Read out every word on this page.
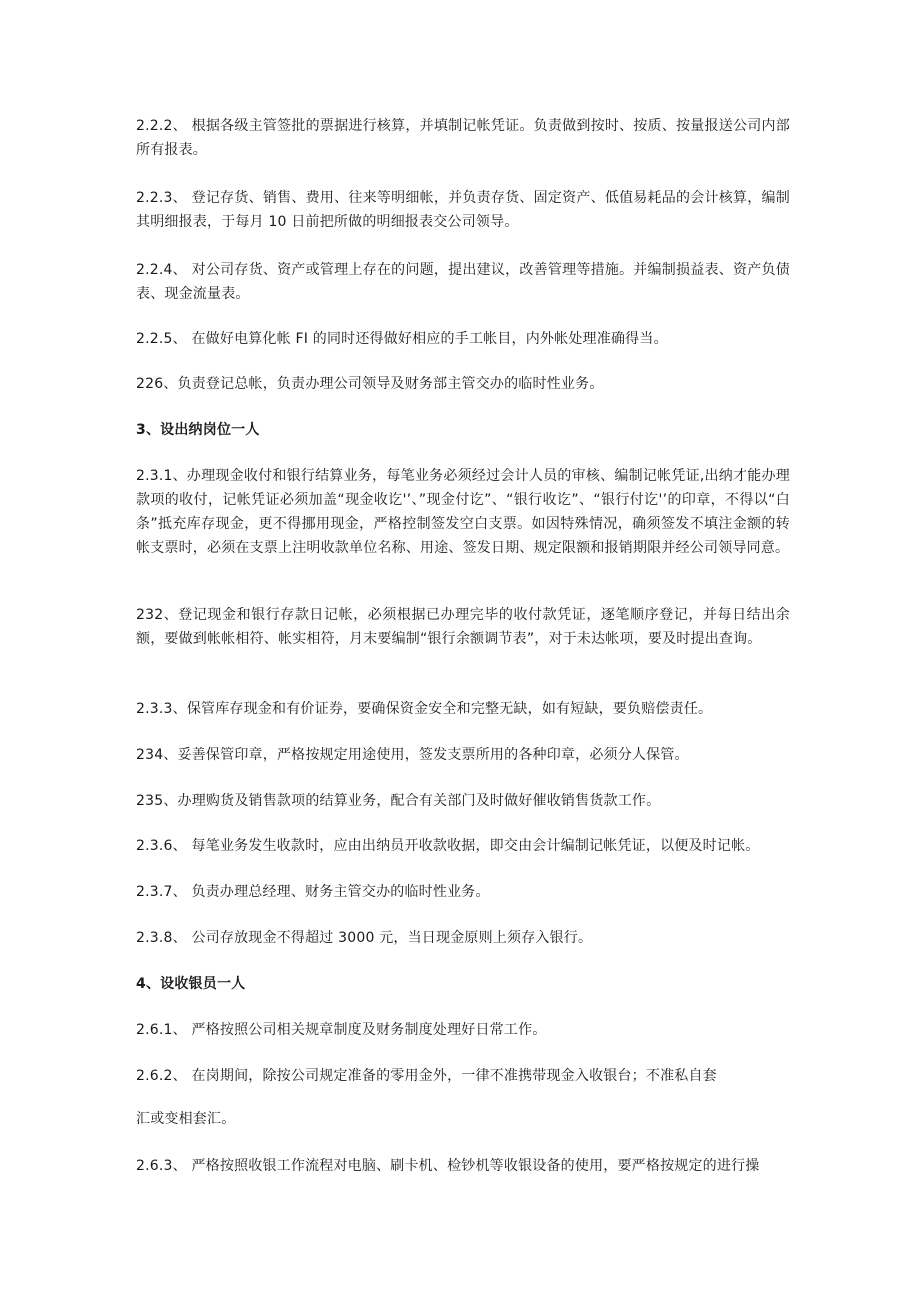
2.2.2、 根据各级主管签批的票据进行核算，并填制记帐凭证。负责做到按时、按质、按量报送公司内部所有报表。

2.2.3、 登记存货、销售、费用、往来等明细帐，并负责存货、固定资产、低值易耗品的会计核算，编制其明细报表，于每月 10 日前把所做的明细报表交公司领导。

2.2.4、 对公司存货、资产或管理上存在的问题，提出建议，改善管理等措施。并编制损益表、资产负债表、现金流量表。

2.2.5、 在做好电算化帐 FI 的同时还得做好相应的手工帐目，内外帐处理准确得当。

226、负责登记总帐，负责办理公司领导及财务部主管交办的临时性业务。

3、设出纳岗位一人

2.3.1、办理现金收付和银行结算业务，每笔业务必须经过会计人员的审核、编制记帐凭证,出纳才能办理款项的收付，记帐凭证必须加盖“现金收讫'’、”现金付讫”、“银行收讫”、“银行付讫'’的印章，不得以“白条”抵充库存现金，更不得挪用现金，严格控制签发空白支票。如因特殊情况，确须签发不填注金额的转帐支票时，必须在支票上注明收款单位名称、用途、签发日期、规定限额和报销期限并经公司领导同意。

232、登记现金和银行存款日记帐，必须根据已办理完毕的收付款凭证，逐笔顺序登记，并每日结出余额，要做到帐帐相符、帐实相符，月末要编制“银行余额调节表”，对于未达帐项，要及时提出查询。

2.3.3、保管库存现金和有价证券，要确保资金安全和完整无缺，如有短缺，要负赔偿责任。

234、妥善保管印章，严格按规定用途使用，签发支票所用的各种印章，必须分人保管。

235、办理购货及销售款项的结算业务，配合有关部门及时做好催收销售货款工作。

2.3.6、 每笔业务发生收款时，应由出纳员开收款收据，即交由会计编制记帐凭证，以便及时记帐。

2.3.7、 负责办理总经理、财务主管交办的临时性业务。

2.3.8、 公司存放现金不得超过 3000 元，当日现金原则上须存入银行。

4、设收银员一人

2.6.1、 严格按照公司相关规章制度及财务制度处理好日常工作。

2.6.2、 在岗期间，除按公司规定准备的零用金外，一律不准携带现金入收银台；不准私自套

汇或变相套汇。

2.6.3、 严格按照收银工作流程对电脑、刷卡机、检钞机等收银设备的使用，要严格按规定的进行操
